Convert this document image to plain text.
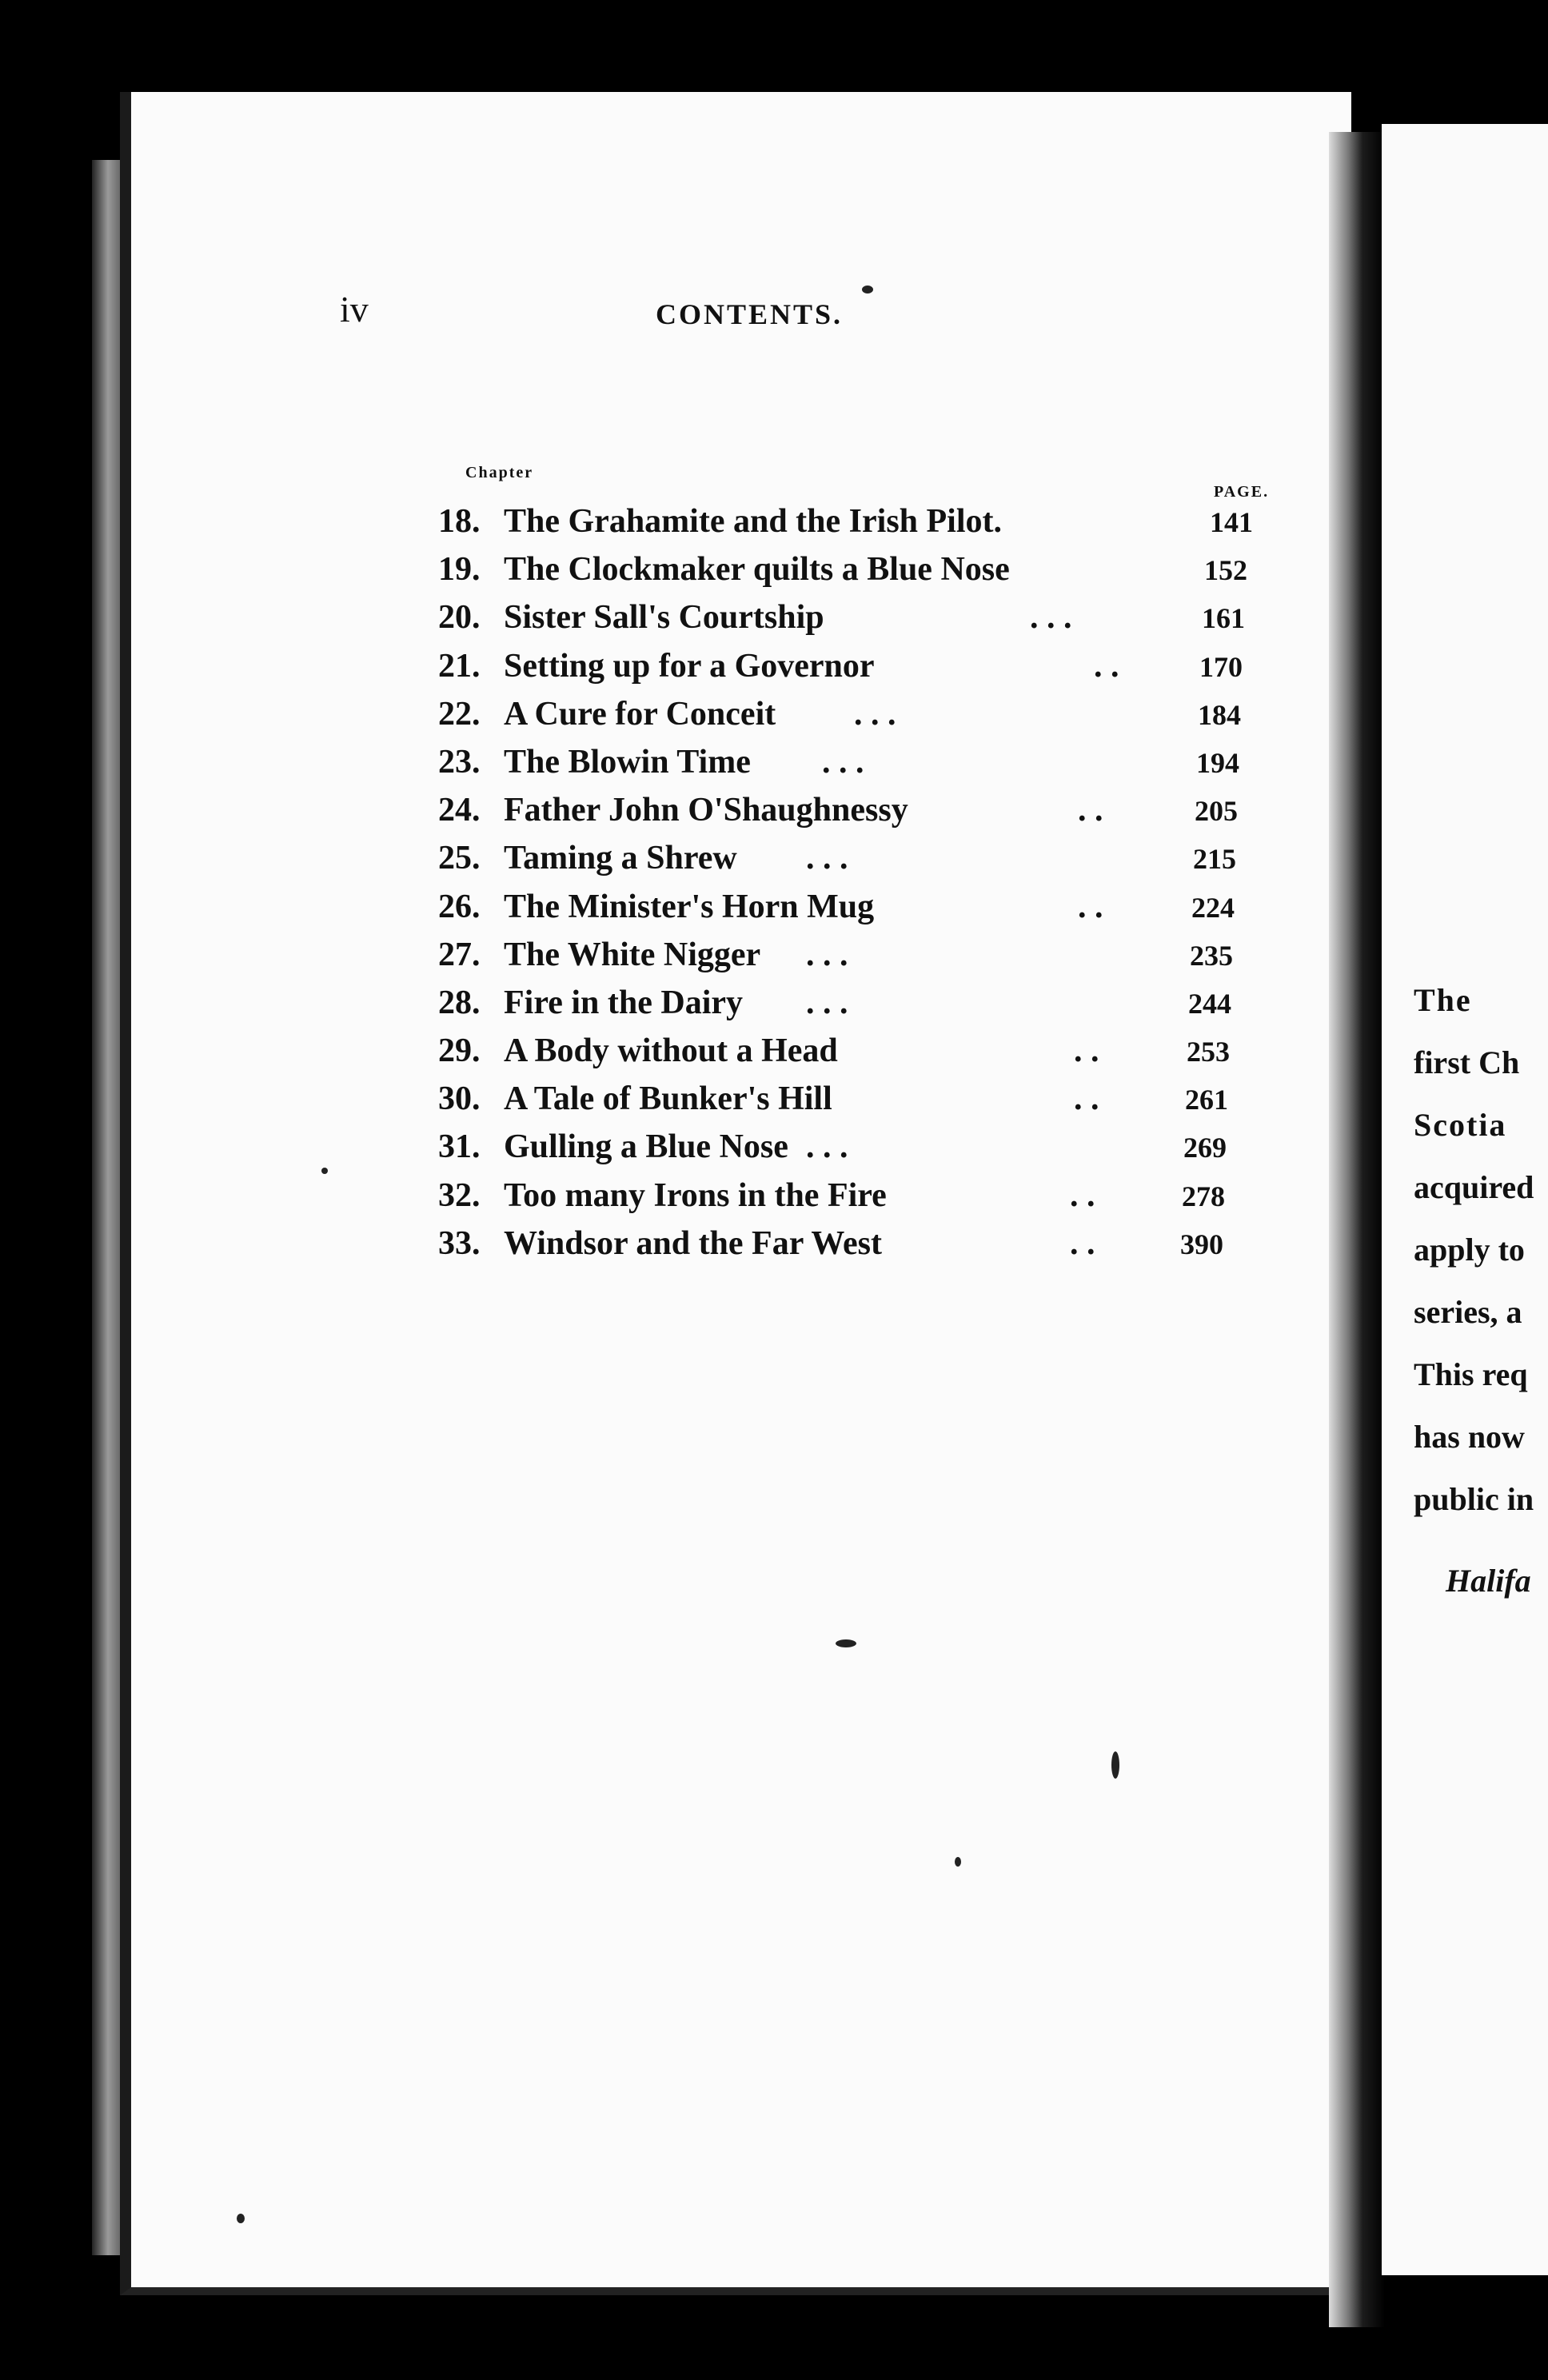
The
first Ch
Scotia
acquired
apply to
series, a
This req
has now
public in
Halifa
iv	CONTENTS.
Chapter
PAGE.
18. The Grahamite and the Irish Pilot.	141
19. The Clockmaker quilts a Blue Nose	152
20. Sister Sall's Courtship	. . .	161
21. Setting up for a Governor	. .	170
22. A Cure for Conceit . . .	184
23. The Blowin Time . . .	194
24. Father John O'Shaughnessy	. .	205
25. Taming a Shrew . . .	215
26. The Minister's Horn Mug	. .	224
27. The White Nigger . . .	235
28. Fire in the Dairy . . .	244
29. A Body without a Head	. .	253
30. A Tale of Bunker's Hill	. .	261
31. Gulling a Blue Nose . . .	269
32. Too many Irons in the Fire	. .	278
33. Windsor and the Far West	. .	390
